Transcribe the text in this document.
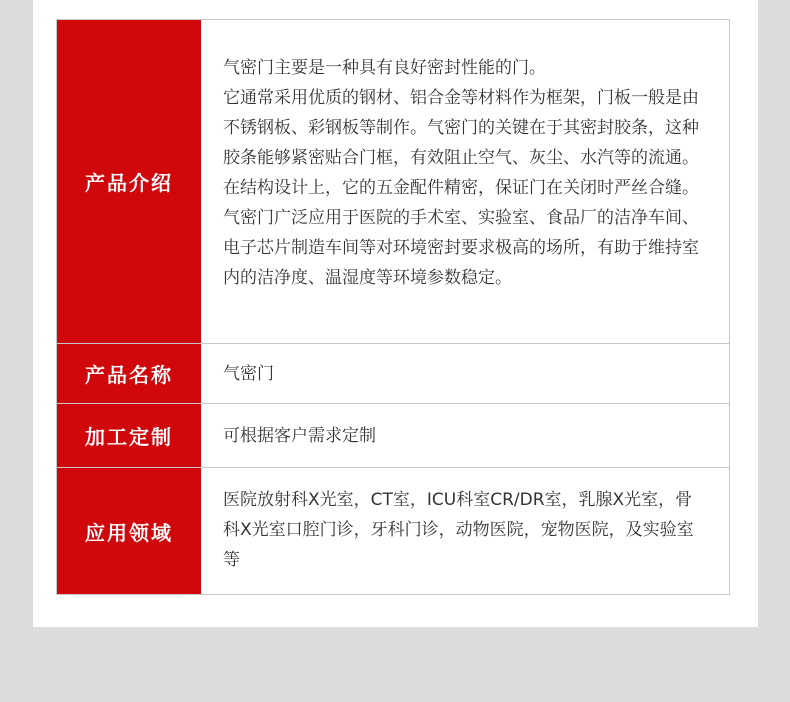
产品介绍
气密门主要是一种具有良好密封性能的门。
它通常采用优质的钢材、铝合金等材料作为框架，门板一般是由不锈钢板、彩钢板等制作。气密门的关键在于其密封胶条，这种胶条能够紧密贴合门框，有效阻止空气、灰尘、水汽等的流通。在结构设计上，它的五金配件精密，保证门在关闭时严丝合缝。气密门广泛应用于医院的手术室、实验室、食品厂的洁净车间、电子芯片制造车间等对环境密封要求极高的场所，有助于维持室内的洁净度、温湿度等环境参数稳定。
产品名称	气密门
加工定制	可根据客户需求定制
应用领域
医院放射科X光室，CT室，ICU科室CR/DR室，乳腺X光室，骨科X光室口腔门诊，牙科门诊，动物医院，宠物医院，及实验室等
